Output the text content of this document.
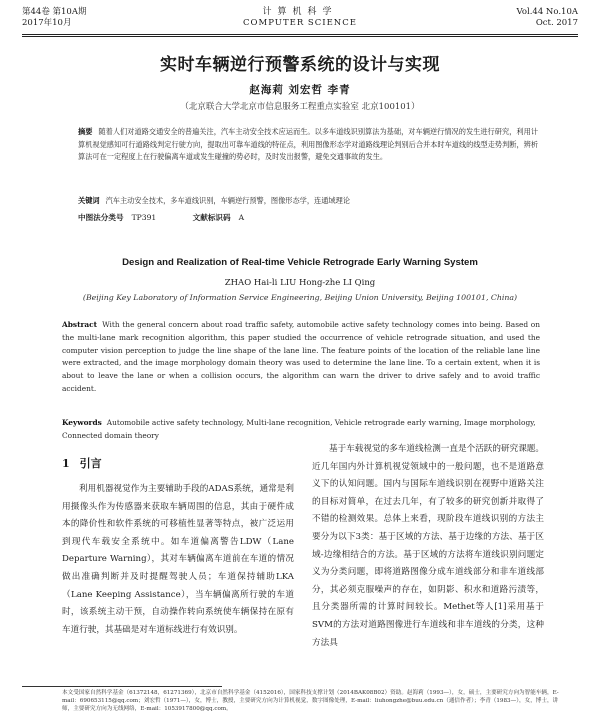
第44卷 第10A期
2017年10月
计算机科学
COMPUTER SCIENCE
Vol.44 No.10A
Oct. 2017
实时车辆逆行预警系统的设计与实现
赵海莉 刘宏哲 李青
（北京联合大学北京市信息服务工程重点实验室 北京100101）
摘要 随着人们对道路交通安全的普遍关注，汽车主动安全技术应运而生。以多车道线识别算法为基础，对车辆逆行情况的发生进行研究，利用计算机视觉感知可行道路线判定行驶方向，提取出可靠车道线的特征点，利用图像形态学对道路线理论判别后合并本时车道线的线型走势判断，辨析算法可在一定程度上在行驶偏离车道或发生碰撞的势必时，及时发出报警，避免交通事故的发生。
关键词 汽车主动安全技术，多车道线识别，车辆逆行预警，图像形态学，连通域理论
中图法分类号 TP391	文献标识码 A
Design and Realization of Real-time Vehicle Retrograde Early Warning System
ZHAO Hai-li LIU Hong-zhe LI Qing
(Beijing Key Laboratory of Information Service Engineering, Beijing Union University, Beijing 100101, China)
Abstract With the general concern about road traffic safety, automobile active safety technology comes into being. Based on the multi-lane mark recognition algorithm, this paper studied the occurrence of vehicle retrograde situation, and used the computer vision perception to judge the line shape of the lane line. The feature points of the location of the reliable lane line were extracted, and the image morphology domain theory was used to determine the lane line. To a certain extent, when it is about to leave the lane or when a collision occurs, the algorithm can warn the driver to drive safely and to avoid traffic accident.
Keywords Automobile active safety technology, Multi-lane recognition, Vehicle retrograde early warning, Image morphology, Connected domain theory
1 引言
利用机器视觉作为主要辅助手段的ADAS系统，通常是利用摄像头作为传感器来获取车辆周围的信息，其由于硬件成本的降价性和软件系统的可移植性显著等特点，被广泛运用到现代车载安全系统中。如车道偏离警告LDW（Lane Departure Warning），其对车辆偏离车道前在车道的情况做出准确判断并及时提醒驾驶人员；车道保持辅助LKA（Lane Keeping Assistance），当车辆偏离所行驶的车道时，该系统主动干预，自动操作转向系统使车辆保持在原有车道行驶，其基础是对车道标线进行有效识别。
基于车载视觉的多车道线检测一直是个活跃的研究课题。近几年国内外计算机视觉领域中的一般问题，也不是道路意义下的认知问题。国内与国际车道线识别在视野中道路关注的目标对简单，在过去几年，有了较多的研究创新并取得了不错的检测效果。总体上来看，现阶段车道线识别的方法主要分为以下3类：基于区域的方法、基于边缘的方法、基于区域-边缘相结合的方法。基于区域的方法将车道线识别问题定义为分类问题，即将道路图像分成车道线部分和非车道线部分，其必须克服噪声的存在，如阴影、积水和道路污渍等，且分类器所需的计算时间较长。Methet等人[1]采用基于SVM的方法对道路图像进行车道线和非车道线的分类，这种方法具
本文受国家自然科学基金（61372148，61271369），北京市自然科学基金（4152016），国家科技支撑计划（2014BAK08B02）资助。赵海莉（1993—），女，硕士，主要研究方向为智能车辆，E-mail：690653115@qq.com；刘宏哲（1971—），女，博士，教授，主要研究方向为计算机视觉，数字图像处理，E-mail：liuhongzhe@buu.edu.cn（通信作者）；李青（1983—），女，博士，讲师，主要研究方向为无线网络，E-mail：1053917800@qq.com。
